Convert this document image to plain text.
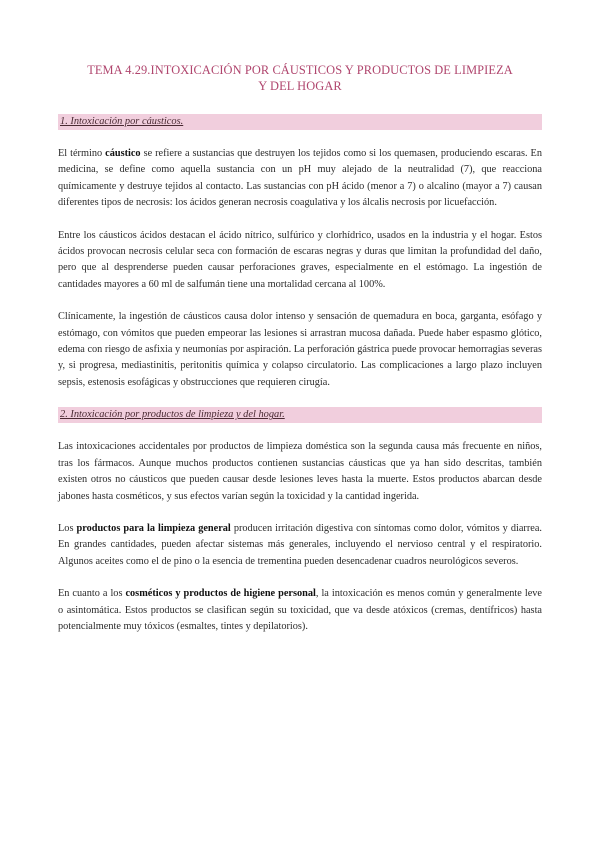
TEMA 4.29.INTOXICACIÓN POR CÁUSTICOS Y PRODUCTOS DE LIMPIEZA
Y DEL HOGAR
1. Intoxicación por cáusticos.

El término cáustico se refiere a sustancias que destruyen los tejidos como si los quemasen, produciendo escaras. En medicina, se define como aquella sustancia con un pH muy alejado de la neutralidad (7), que reacciona químicamente y destruye tejidos al contacto. Las sustancias con pH ácido (menor a 7) o alcalino (mayor a 7) causan diferentes tipos de necrosis: los ácidos generan necrosis coagulativa y los álcalis necrosis por licuefacción.

Entre los cáusticos ácidos destacan el ácido nítrico, sulfúrico y clorhídrico, usados en la industria y el hogar. Estos ácidos provocan necrosis celular seca con formación de escaras negras y duras que limitan la profundidad del daño, pero que al desprenderse pueden causar perforaciones graves, especialmente en el estómago. La ingestión de cantidades mayores a 60 ml de salfumán tiene una mortalidad cercana al 100%.

Clínicamente, la ingestión de cáusticos causa dolor intenso y sensación de quemadura en boca, garganta, esófago y estómago, con vómitos que pueden empeorar las lesiones si arrastran mucosa dañada. Puede haber espasmo glótico, edema con riesgo de asfixia y neumonías por aspiración. La perforación gástrica puede provocar hemorragias severas y, si progresa, mediastinitis, peritonitis química y colapso circulatorio. Las complicaciones a largo plazo incluyen sepsis, estenosis esofágicas y obstrucciones que requieren cirugía.

2. Intoxicación por productos de limpieza y del hogar.

Las intoxicaciones accidentales por productos de limpieza doméstica son la segunda causa más frecuente en niños, tras los fármacos. Aunque muchos productos contienen sustancias cáusticas que ya han sido descritas, también existen otros no cáusticos que pueden causar desde lesiones leves hasta la muerte. Estos productos abarcan desde jabones hasta cosméticos, y sus efectos varían según la toxicidad y la cantidad ingerida.

Los productos para la limpieza general producen irritación digestiva con síntomas como dolor, vómitos y diarrea. En grandes cantidades, pueden afectar sistemas más generales, incluyendo el nervioso central y el respiratorio. Algunos aceites como el de pino o la esencia de trementina pueden desencadenar cuadros neurológicos severos.

En cuanto a los cosméticos y productos de higiene personal, la intoxicación es menos común y generalmente leve o asintomática. Estos productos se clasifican según su toxicidad, que va desde atóxicos (cremas, dentífricos) hasta potencialmente muy tóxicos (esmaltes, tintes y depilatorios).
